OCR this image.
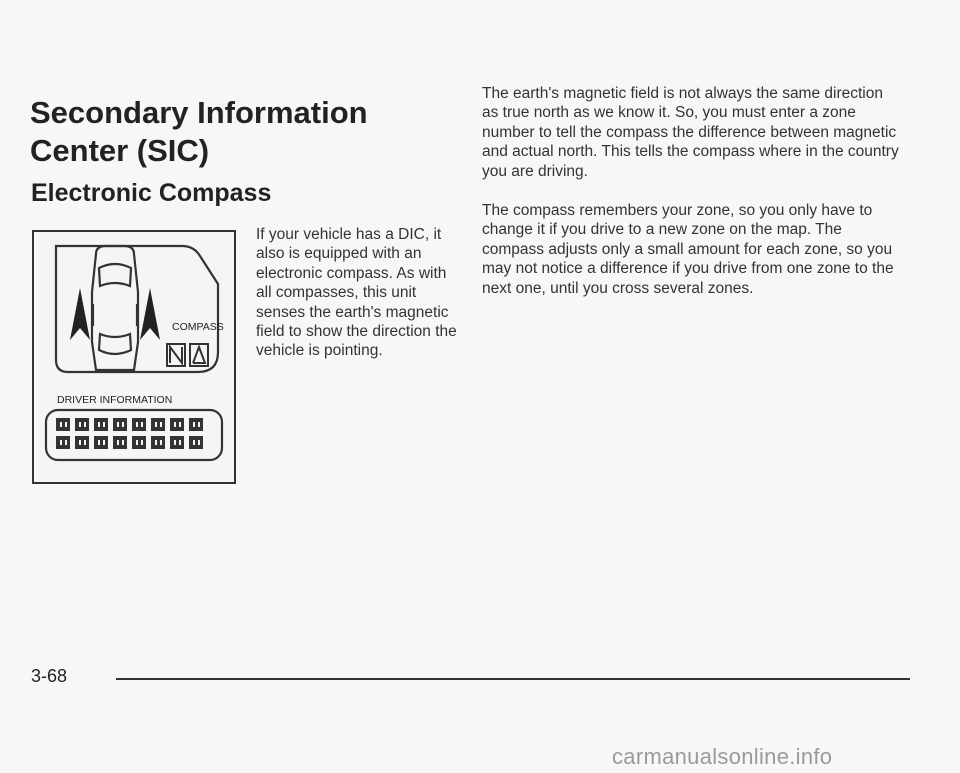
Secondary Information Center (SIC)
Electronic Compass
COMPASS
DRIVER INFORMATION

If your vehicle has a DIC, it also is equipped with an electronic compass. As with all compasses, this unit senses the earth's magnetic field to show the direction the vehicle is pointing.

The earth's magnetic field is not always the same direction as true north as we know it. So, you must enter a zone number to tell the compass the difference between magnetic and actual north. This tells the compass where in the country you are driving.

The compass remembers your zone, so you only have to change it if you drive to a new zone on the map. The compass adjusts only a small amount for each zone, so you may not notice a difference if you drive from one zone to the next one, until you cross several zones.

3-68
carmanualsonline.info
